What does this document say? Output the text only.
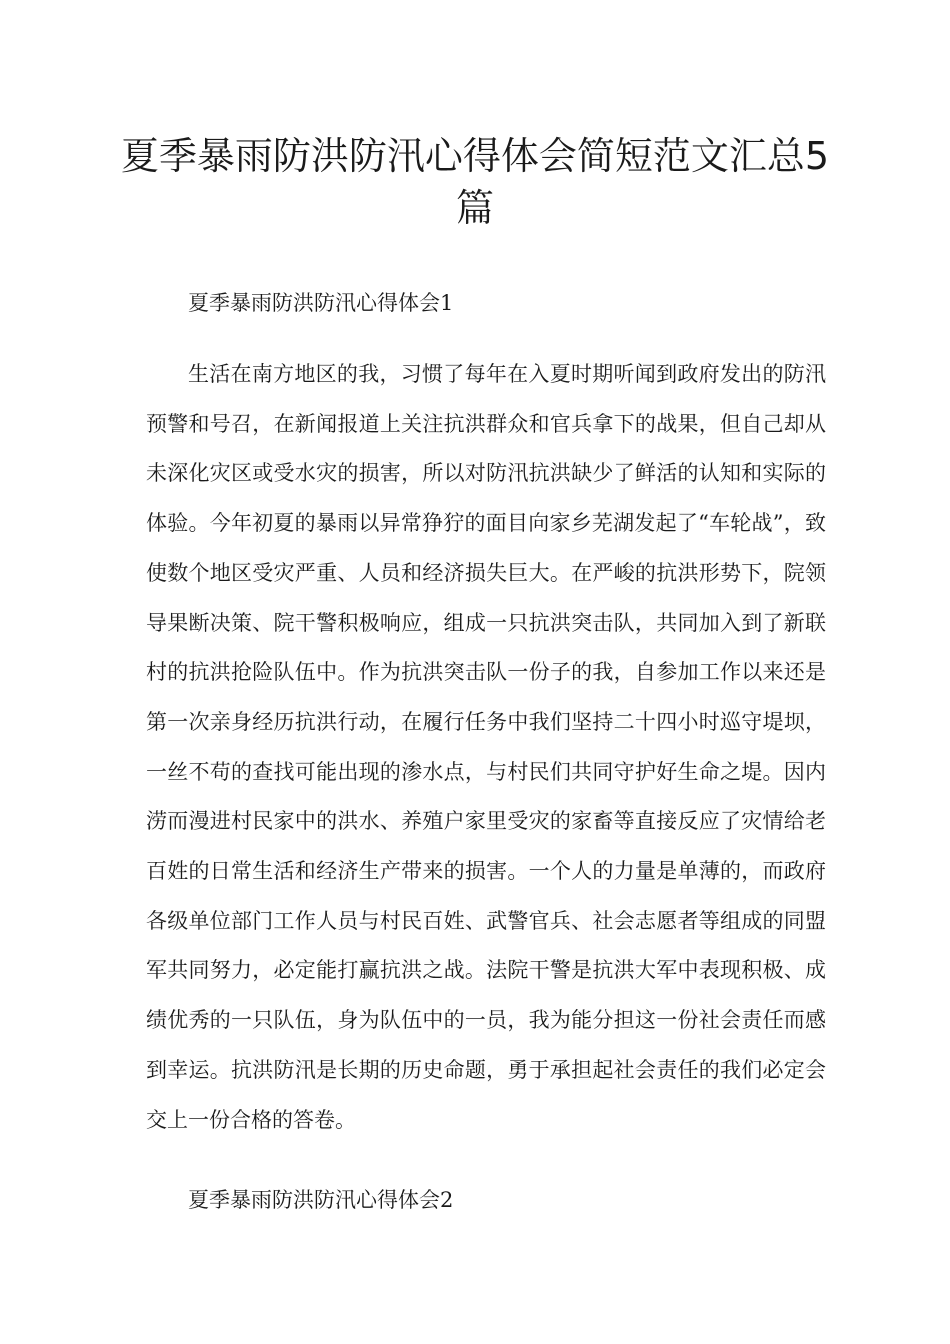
夏季暴雨防洪防汛心得体会简短范文汇总5篇

夏季暴雨防洪防汛心得体会1

生活在南方地区的我，习惯了每年在入夏时期听闻到政府发出的防汛预警和号召，在新闻报道上关注抗洪群众和官兵拿下的战果，但自己却从未深化灾区或受水灾的损害，所以对防汛抗洪缺少了鲜活的认知和实际的体验。今年初夏的暴雨以异常狰狞的面目向家乡芜湖发起了“车轮战”，致使数个地区受灾严重、人员和经济损失巨大。在严峻的抗洪形势下，院领导果断决策、院干警积极响应，组成一只抗洪突击队，共同加入到了新联村的抗洪抢险队伍中。作为抗洪突击队一份子的我，自参加工作以来还是第一次亲身经历抗洪行动，在履行任务中我们坚持二十四小时巡守堤坝，一丝不苟的查找可能出现的渗水点，与村民们共同守护好生命之堤。因内涝而漫进村民家中的洪水、养殖户家里受灾的家畜等直接反应了灾情给老百姓的日常生活和经济生产带来的损害。一个人的力量是单薄的，而政府各级单位部门工作人员与村民百姓、武警官兵、社会志愿者等组成的同盟军共同努力，必定能打赢抗洪之战。法院干警是抗洪大军中表现积极、成绩优秀的一只队伍，身为队伍中的一员，我为能分担这一份社会责任而感到幸运。抗洪防汛是长期的历史命题，勇于承担起社会责任的我们必定会交上一份合格的答卷。

夏季暴雨防洪防汛心得体会2
